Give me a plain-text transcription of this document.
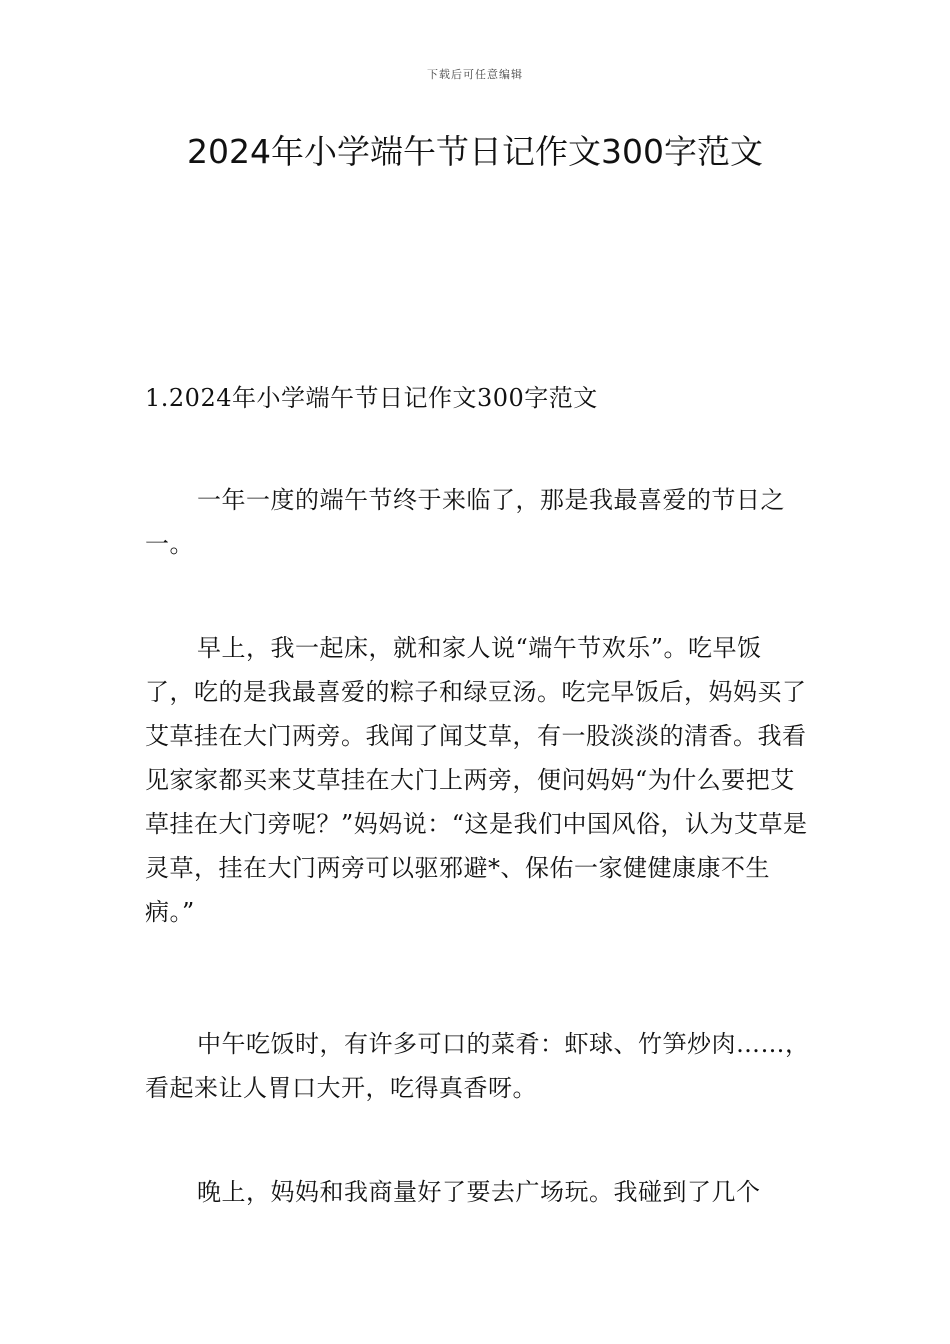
下载后可任意编辑
2024年小学端午节日记作文300字范文

1.2024年小学端午节日记作文300字范文

一年一度的端午节终于来临了，那是我最喜爱的节日之一。

早上，我一起床，就和家人说“端午节欢乐”。吃早饭了，吃的是我最喜爱的粽子和绿豆汤。吃完早饭后，妈妈买了艾草挂在大门两旁。我闻了闻艾草，有一股淡淡的清香。我看见家家都买来艾草挂在大门上两旁，便问妈妈“为什么要把艾草挂在大门旁呢？”妈妈说：“这是我们中国风俗，认为艾草是灵草，挂在大门两旁可以驱邪避*、保佑一家健健康康不生病。”

中午吃饭时，有许多可口的菜肴：虾球、竹笋炒肉……，看起来让人胃口大开，吃得真香呀。

晚上，妈妈和我商量好了要去广场玩。我碰到了几个
